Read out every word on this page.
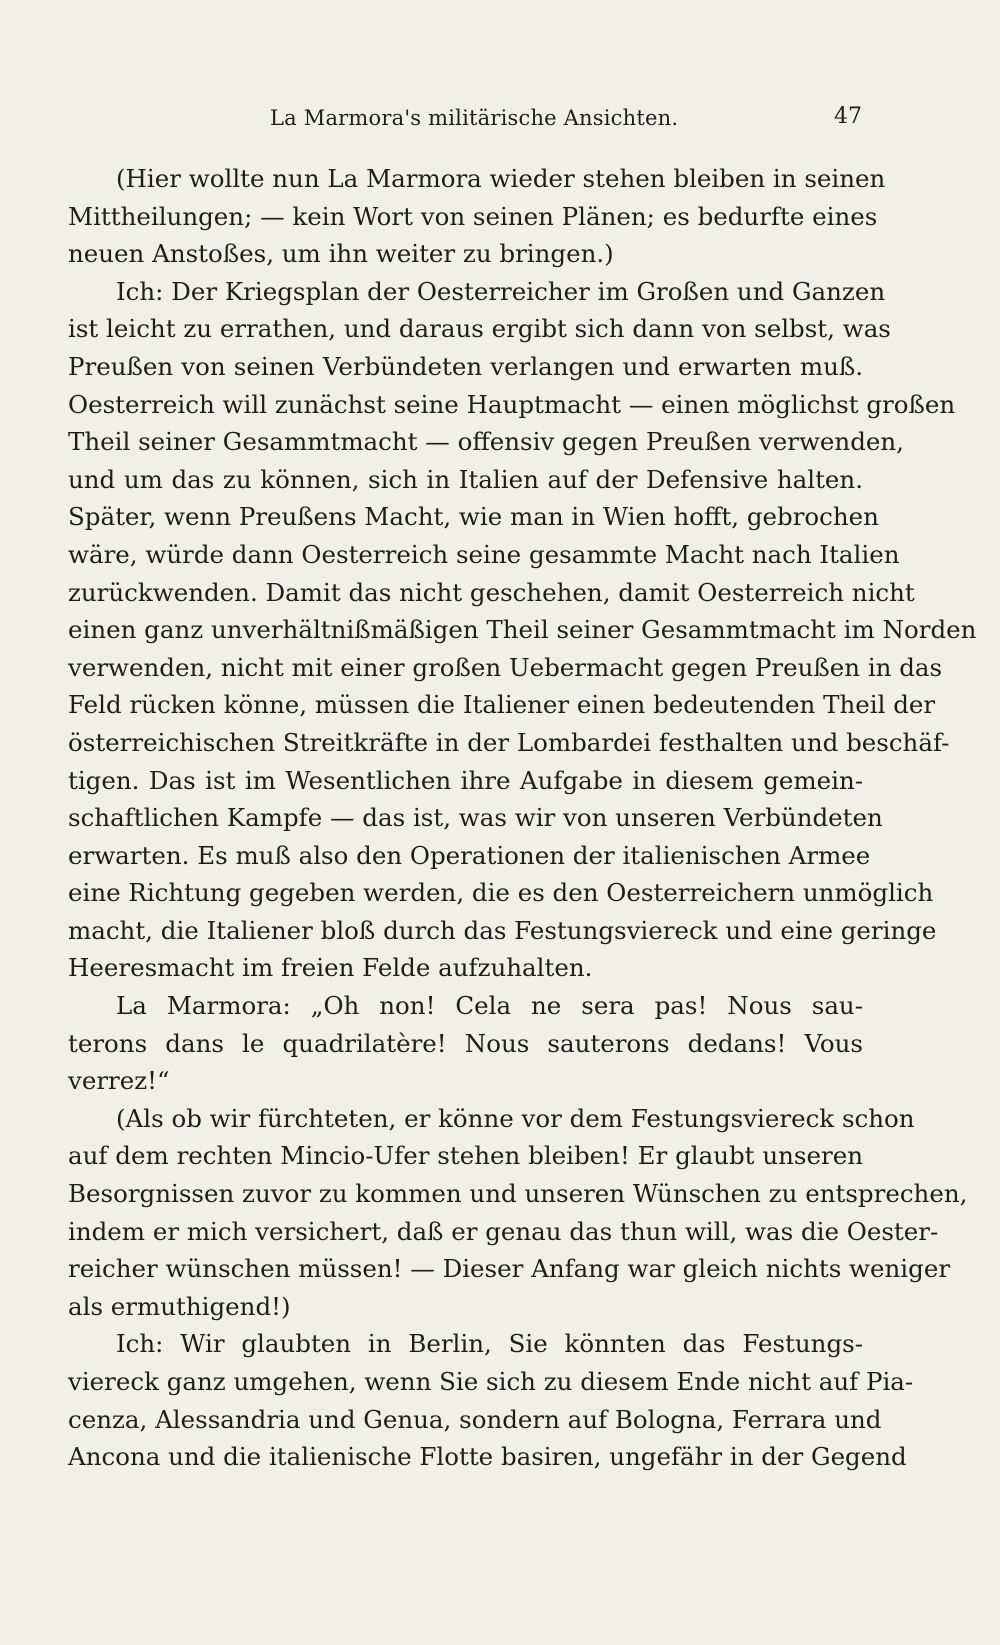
La Marmora's militärische Ansichten.	47
(Hier wollte nun La Marmora wieder stehen bleiben in seinen
Mittheilungen; — kein Wort von seinen Plänen; es bedurfte eines
neuen Anstoßes, um ihn weiter zu bringen.)
Ich: Der Kriegsplan der Oesterreicher im Großen und Ganzen
ist leicht zu errathen, und daraus ergibt sich dann von selbst, was
Preußen von seinen Verbündeten verlangen und erwarten muß.
Oesterreich will zunächst seine Hauptmacht — einen möglichst großen
Theil seiner Gesammtmacht — offensiv gegen Preußen verwenden,
und um das zu können, sich in Italien auf der Defensive halten.
Später, wenn Preußens Macht, wie man in Wien hofft, gebrochen
wäre, würde dann Oesterreich seine gesammte Macht nach Italien
zurückwenden. Damit das nicht geschehen, damit Oesterreich nicht
einen ganz unverhältnißmäßigen Theil seiner Gesammtmacht im Norden
verwenden, nicht mit einer großen Uebermacht gegen Preußen in das
Feld rücken könne, müssen die Italiener einen bedeutenden Theil der
österreichischen Streitkräfte in der Lombardei festhalten und beschäf-
tigen. Das ist im Wesentlichen ihre Aufgabe in diesem gemein-
schaftlichen Kampfe — das ist, was wir von unseren Verbündeten
erwarten. Es muß also den Operationen der italienischen Armee
eine Richtung gegeben werden, die es den Oesterreichern unmöglich
macht, die Italiener bloß durch das Festungsviereck und eine geringe
Heeresmacht im freien Felde aufzuhalten.
La Marmora: „Oh non! Cela ne sera pas! Nous sau-
terons dans le quadrilatère! Nous sauterons dedans! Vous
verrez!“
(Als ob wir fürchteten, er könne vor dem Festungsviereck schon
auf dem rechten Mincio-Ufer stehen bleiben! Er glaubt unseren
Besorgnissen zuvor zu kommen und unseren Wünschen zu entsprechen,
indem er mich versichert, daß er genau das thun will, was die Oester-
reicher wünschen müssen! — Dieser Anfang war gleich nichts weniger
als ermuthigend!)
Ich: Wir glaubten in Berlin, Sie könnten das Festungs-
viereck ganz umgehen, wenn Sie sich zu diesem Ende nicht auf Pia-
cenza, Alessandria und Genua, sondern auf Bologna, Ferrara und
Ancona und die italienische Flotte basiren, ungefähr in der Gegend
